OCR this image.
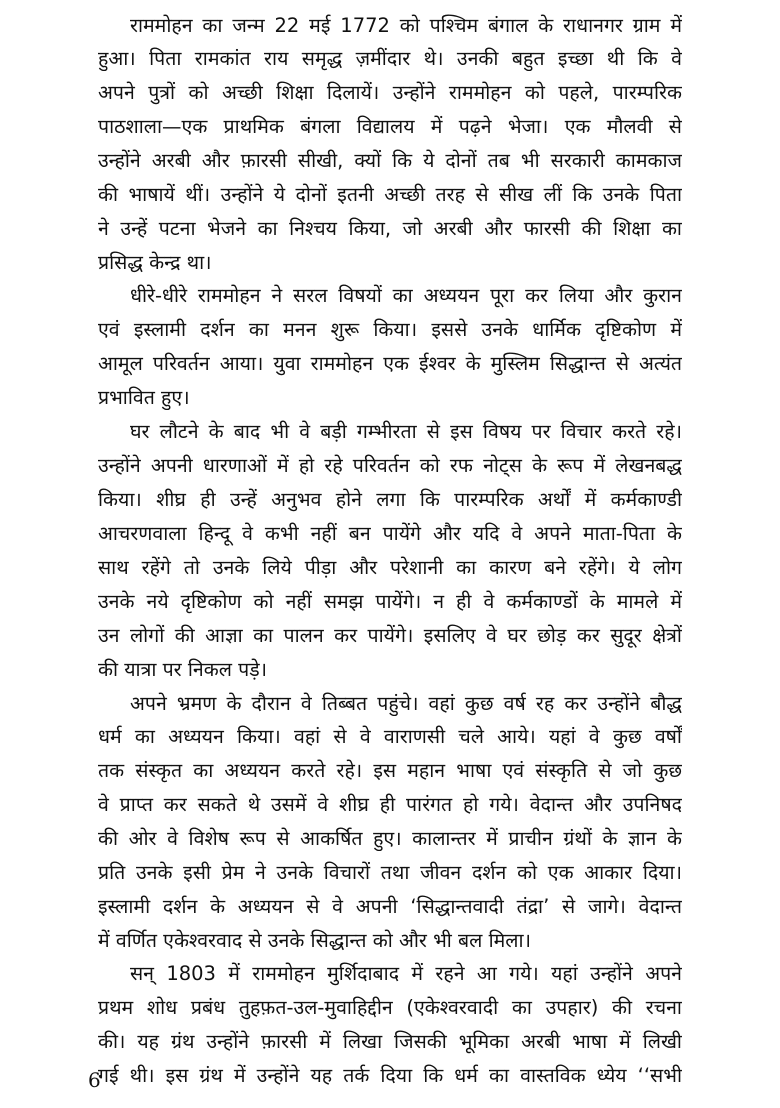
राममोहन का जन्म 22 मई 1772 को पश्चिम बंगाल के राधानगर ग्राम में
हुआ। पिता रामकांत राय समृद्ध ज़मींदार थे। उनकी बहुत इच्छा थी कि वे
अपने पुत्रों को अच्छी शिक्षा दिलायें। उन्होंने राममोहन को पहले, पारम्परिक
पाठशाला—एक प्राथमिक बंगला विद्यालय में पढ़ने भेजा। एक मौलवी से
उन्होंने अरबी और फ़ारसी सीखी, क्यों कि ये दोनों तब भी सरकारी कामकाज
की भाषायें थीं। उन्होंने ये दोनों इतनी अच्छी तरह से सीख लीं कि उनके पिता
ने उन्हें पटना भेजने का निश्चय किया, जो अरबी और फारसी की शिक्षा का
प्रसिद्ध केन्द्र था।
धीरे-धीरे राममोहन ने सरल विषयों का अध्ययन पूरा कर लिया और कुरान
एवं इस्लामी दर्शन का मनन शुरू किया। इससे उनके धार्मिक दृष्टिकोण में
आमूल परिवर्तन आया। युवा राममोहन एक ईश्वर के मुस्लिम सिद्धान्त से अत्यंत
प्रभावित हुए।
घर लौटने के बाद भी वे बड़ी गम्भीरता से इस विषय पर विचार करते रहे।
उन्होंने अपनी धारणाओं में हो रहे परिवर्तन को रफ नोट्स के रूप में लेखनबद्ध
किया। शीघ्र ही उन्हें अनुभव होने लगा कि पारम्परिक अर्थों में कर्मकाण्डी
आचरणवाला हिन्दू वे कभी नहीं बन पायेंगे और यदि वे अपने माता-पिता के
साथ रहेंगे तो उनके लिये पीड़ा और परेशानी का कारण बने रहेंगे। ये लोग
उनके नये दृष्टिकोण को नहीं समझ पायेंगे। न ही वे कर्मकाण्डों के मामले में
उन लोगों की आज्ञा का पालन कर पायेंगे। इसलिए वे घर छोड़ कर सुदूर क्षेत्रों
की यात्रा पर निकल पड़े।
अपने भ्रमण के दौरान वे तिब्बत पहुंचे। वहां कुछ वर्ष रह कर उन्होंने बौद्ध
धर्म का अध्ययन किया। वहां से वे वाराणसी चले आये। यहां वे कुछ वर्षों
तक संस्कृत का अध्ययन करते रहे। इस महान भाषा एवं संस्कृति से जो कुछ
वे प्राप्त कर सकते थे उसमें वे शीघ्र ही पारंगत हो गये। वेदान्त और उपनिषद
की ओर वे विशेष रूप से आकर्षित हुए। कालान्तर में प्राचीन ग्रंथों के ज्ञान के
प्रति उनके इसी प्रेम ने उनके विचारों तथा जीवन दर्शन को एक आकार दिया।
इस्लामी दर्शन के अध्ययन से वे अपनी ‘सिद्धान्तवादी तंद्रा’ से जागे। वेदान्त
में वर्णित एकेश्वरवाद से उनके सिद्धान्त को और भी बल मिला।
सन् 1803 में राममोहन मुर्शिदाबाद में रहने आ गये। यहां उन्होंने अपने
प्रथम शोध प्रबंध तुहफ़त-उल-मुवाहिद्दीन (एकेश्वरवादी का उपहार) की रचना
की। यह ग्रंथ उन्होंने फ़ारसी में लिखा जिसकी भूमिका अरबी भाषा में लिखी
गई थी। इस ग्रंथ में उन्होंने यह तर्क दिया कि धर्म का वास्तविक ध्येय ‘‘सभी
6
